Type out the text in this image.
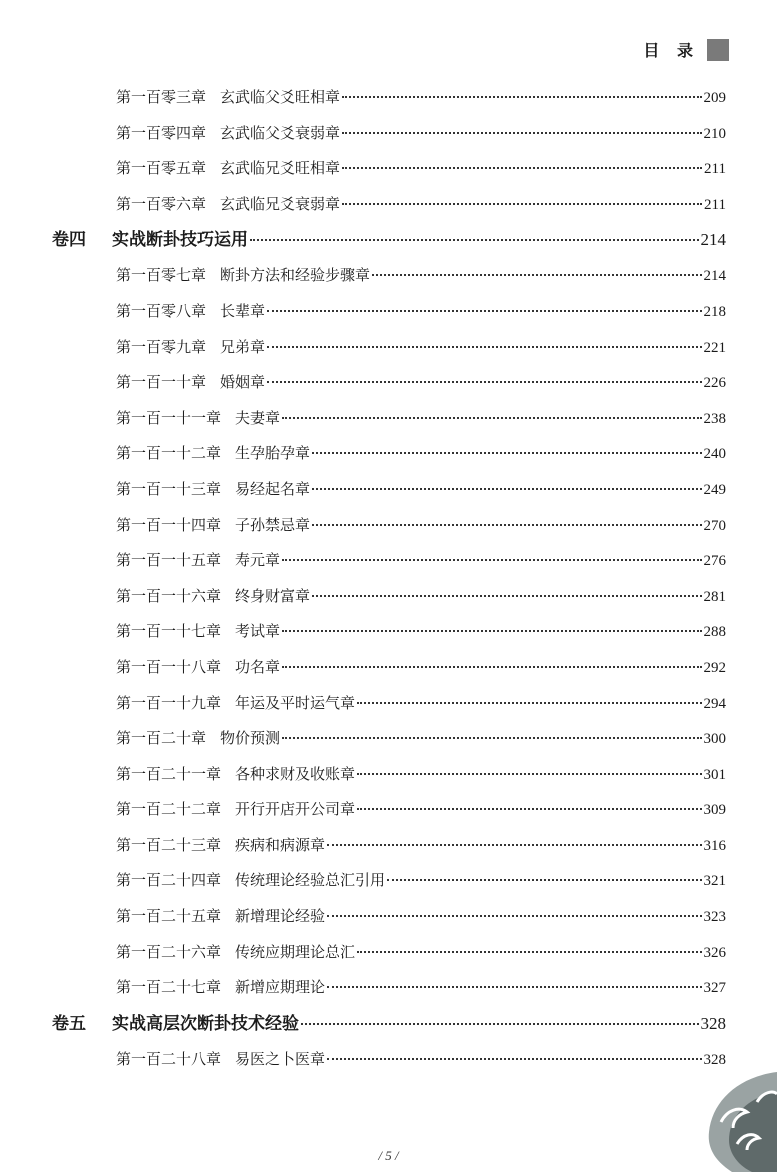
目 录
第一百零三章 玄武临父爻旺相章	209
第一百零四章 玄武临父爻衰弱章	210
第一百零五章 玄武临兄爻旺相章	211
第一百零六章 玄武临兄爻衰弱章	211
卷四	实战断卦技巧运用	214
第一百零七章 断卦方法和经验步骤章	214
第一百零八章 长辈章	218
第一百零九章 兄弟章	221
第一百一十章 婚姻章	226
第一百一十一章 夫妻章	238
第一百一十二章 生孕胎孕章	240
第一百一十三章 易经起名章	249
第一百一十四章 子孙禁忌章	270
第一百一十五章 寿元章	276
第一百一十六章 终身财富章	281
第一百一十七章 考试章	288
第一百一十八章 功名章	292
第一百一十九章 年运及平时运气章	294
第一百二十章 物价预测	300
第一百二十一章 各种求财及收账章	301
第一百二十二章 开行开店开公司章	309
第一百二十三章 疾病和病源章	316
第一百二十四章 传统理论经验总汇引用	321
第一百二十五章 新增理论经验	323
第一百二十六章 传统应期理论总汇	326
第一百二十七章 新增应期理论	327
卷五	实战高层次断卦技术经验	328
第一百二十八章 易医之卜医章	328
/ 5 /
